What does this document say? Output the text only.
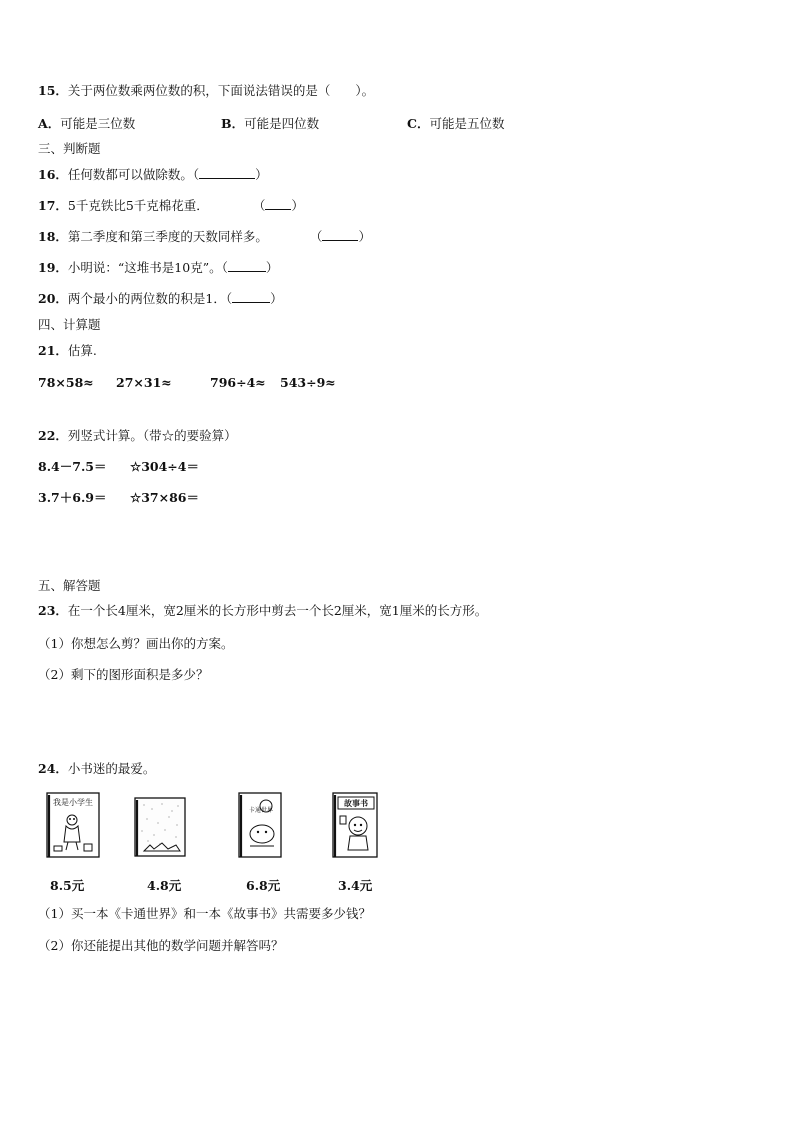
15．关于两位数乘两位数的积，下面说法错误的是（　　）。
A．可能是三位数	B．可能是四位数	C．可能是五位数
三、判断题
16．任何数都可以做除数。（	）
17．5千克铁比5千克棉花重．	（ ）
18．第二季度和第三季度的天数同样多。	（	）
19．小明说：“这堆书是10克”。（	）
20．两个最小的两位数的积是1．（	）
四、计算题
21．估算.
78×58≈ 27×31≈	796÷4≈ 543÷9≈
22．列竖式计算。（带☆的要验算）
8.4－7.5＝ ☆304÷4＝
3.7＋6.9＝ ☆37×86＝
五、解答题
23．在一个长4厘米，宽2厘米的长方形中剪去一个长2厘米，宽1厘米的长方形。
（1）你想怎么剪？画出你的方案。
（2）剩下的图形面积是多少？
24．小书迷的最爱。
我是小学生
卡通世界
故事书
8.5元	4.8元	6.8元	3.4元
（1）买一本《卡通世界》和一本《故事书》共需要多少钱？
（2）你还能提出其他的数学问题并解答吗？
